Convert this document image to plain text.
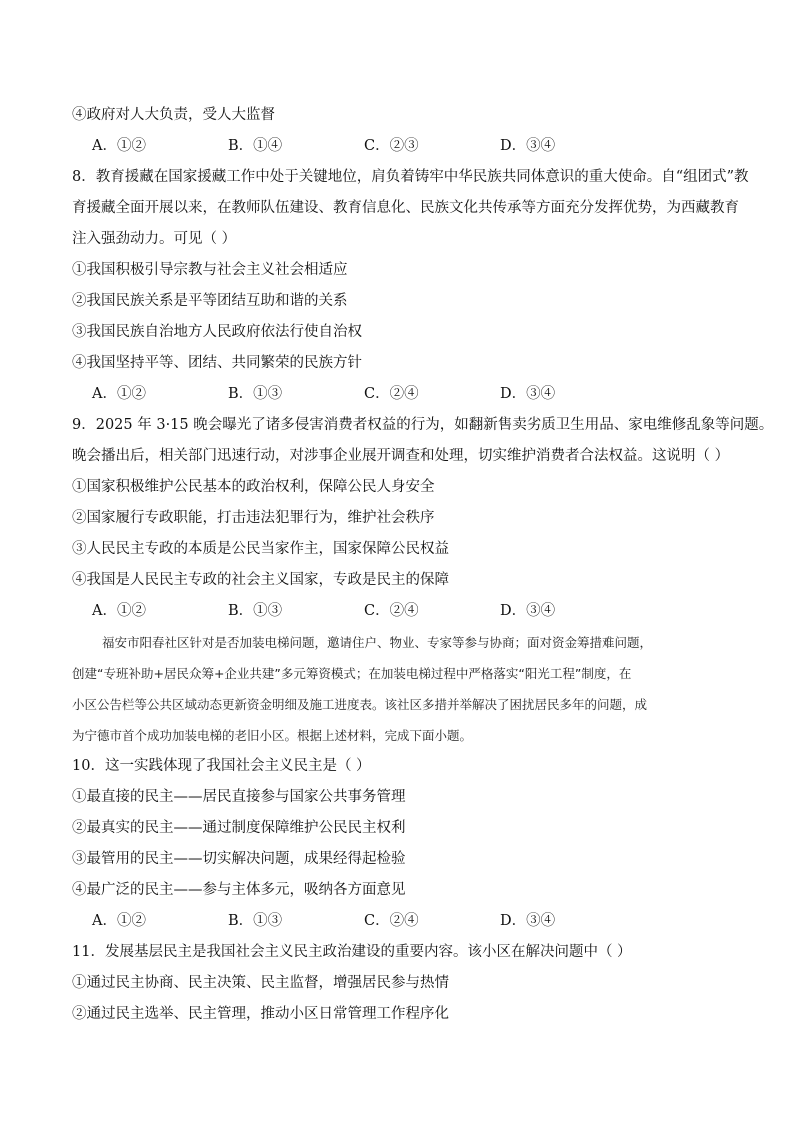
④政府对人大负责，受人大监督
A．①②	B．①④	C．②③	D．③④
8．教育援藏在国家援藏工作中处于关键地位，肩负着铸牢中华民族共同体意识的重大使命。自“组团式”教
育援藏全面开展以来，在教师队伍建设、教育信息化、民族文化共传承等方面充分发挥优势，为西藏教育
注入强劲动力。可见（ ）
①我国积极引导宗教与社会主义社会相适应
②我国民族关系是平等团结互助和谐的关系
③我国民族自治地方人民政府依法行使自治权
④我国坚持平等、团结、共同繁荣的民族方针
A．①②	B．①③	C．②④	D．③④
9．2025 年 3·15 晚会曝光了诸多侵害消费者权益的行为，如翻新售卖劣质卫生用品、家电维修乱象等问题。
晚会播出后，相关部门迅速行动，对涉事企业展开调查和处理，切实维护消费者合法权益。这说明（ ）
①国家积极维护公民基本的政治权利，保障公民人身安全
②国家履行专政职能，打击违法犯罪行为，维护社会秩序
③人民民主专政的本质是公民当家作主，国家保障公民权益
④我国是人民民主专政的社会主义国家，专政是民主的保障
A．①②	B．①③	C．②④	D．③④
福安市阳春社区针对是否加装电梯问题，邀请住户、物业、专家等参与协商；面对资金筹措难问题，
创建“专班补助+居民众筹+企业共建”多元筹资模式；在加装电梯过程中严格落实“阳光工程”制度，在
小区公告栏等公共区域动态更新资金明细及施工进度表。该社区多措并举解决了困扰居民多年的问题，成
为宁德市首个成功加装电梯的老旧小区。根据上述材料，完成下面小题。
10．这一实践体现了我国社会主义民主是（ ）
①最直接的民主——居民直接参与国家公共事务管理
②最真实的民主——通过制度保障维护公民民主权利
③最管用的民主——切实解决问题，成果经得起检验
④最广泛的民主——参与主体多元，吸纳各方面意见
A．①②	B．①③	C．②④	D．③④
11．发展基层民主是我国社会主义民主政治建设的重要内容。该小区在解决问题中（ ）
①通过民主协商、民主决策、民主监督，增强居民参与热情
②通过民主选举、民主管理，推动小区日常管理工作程序化
